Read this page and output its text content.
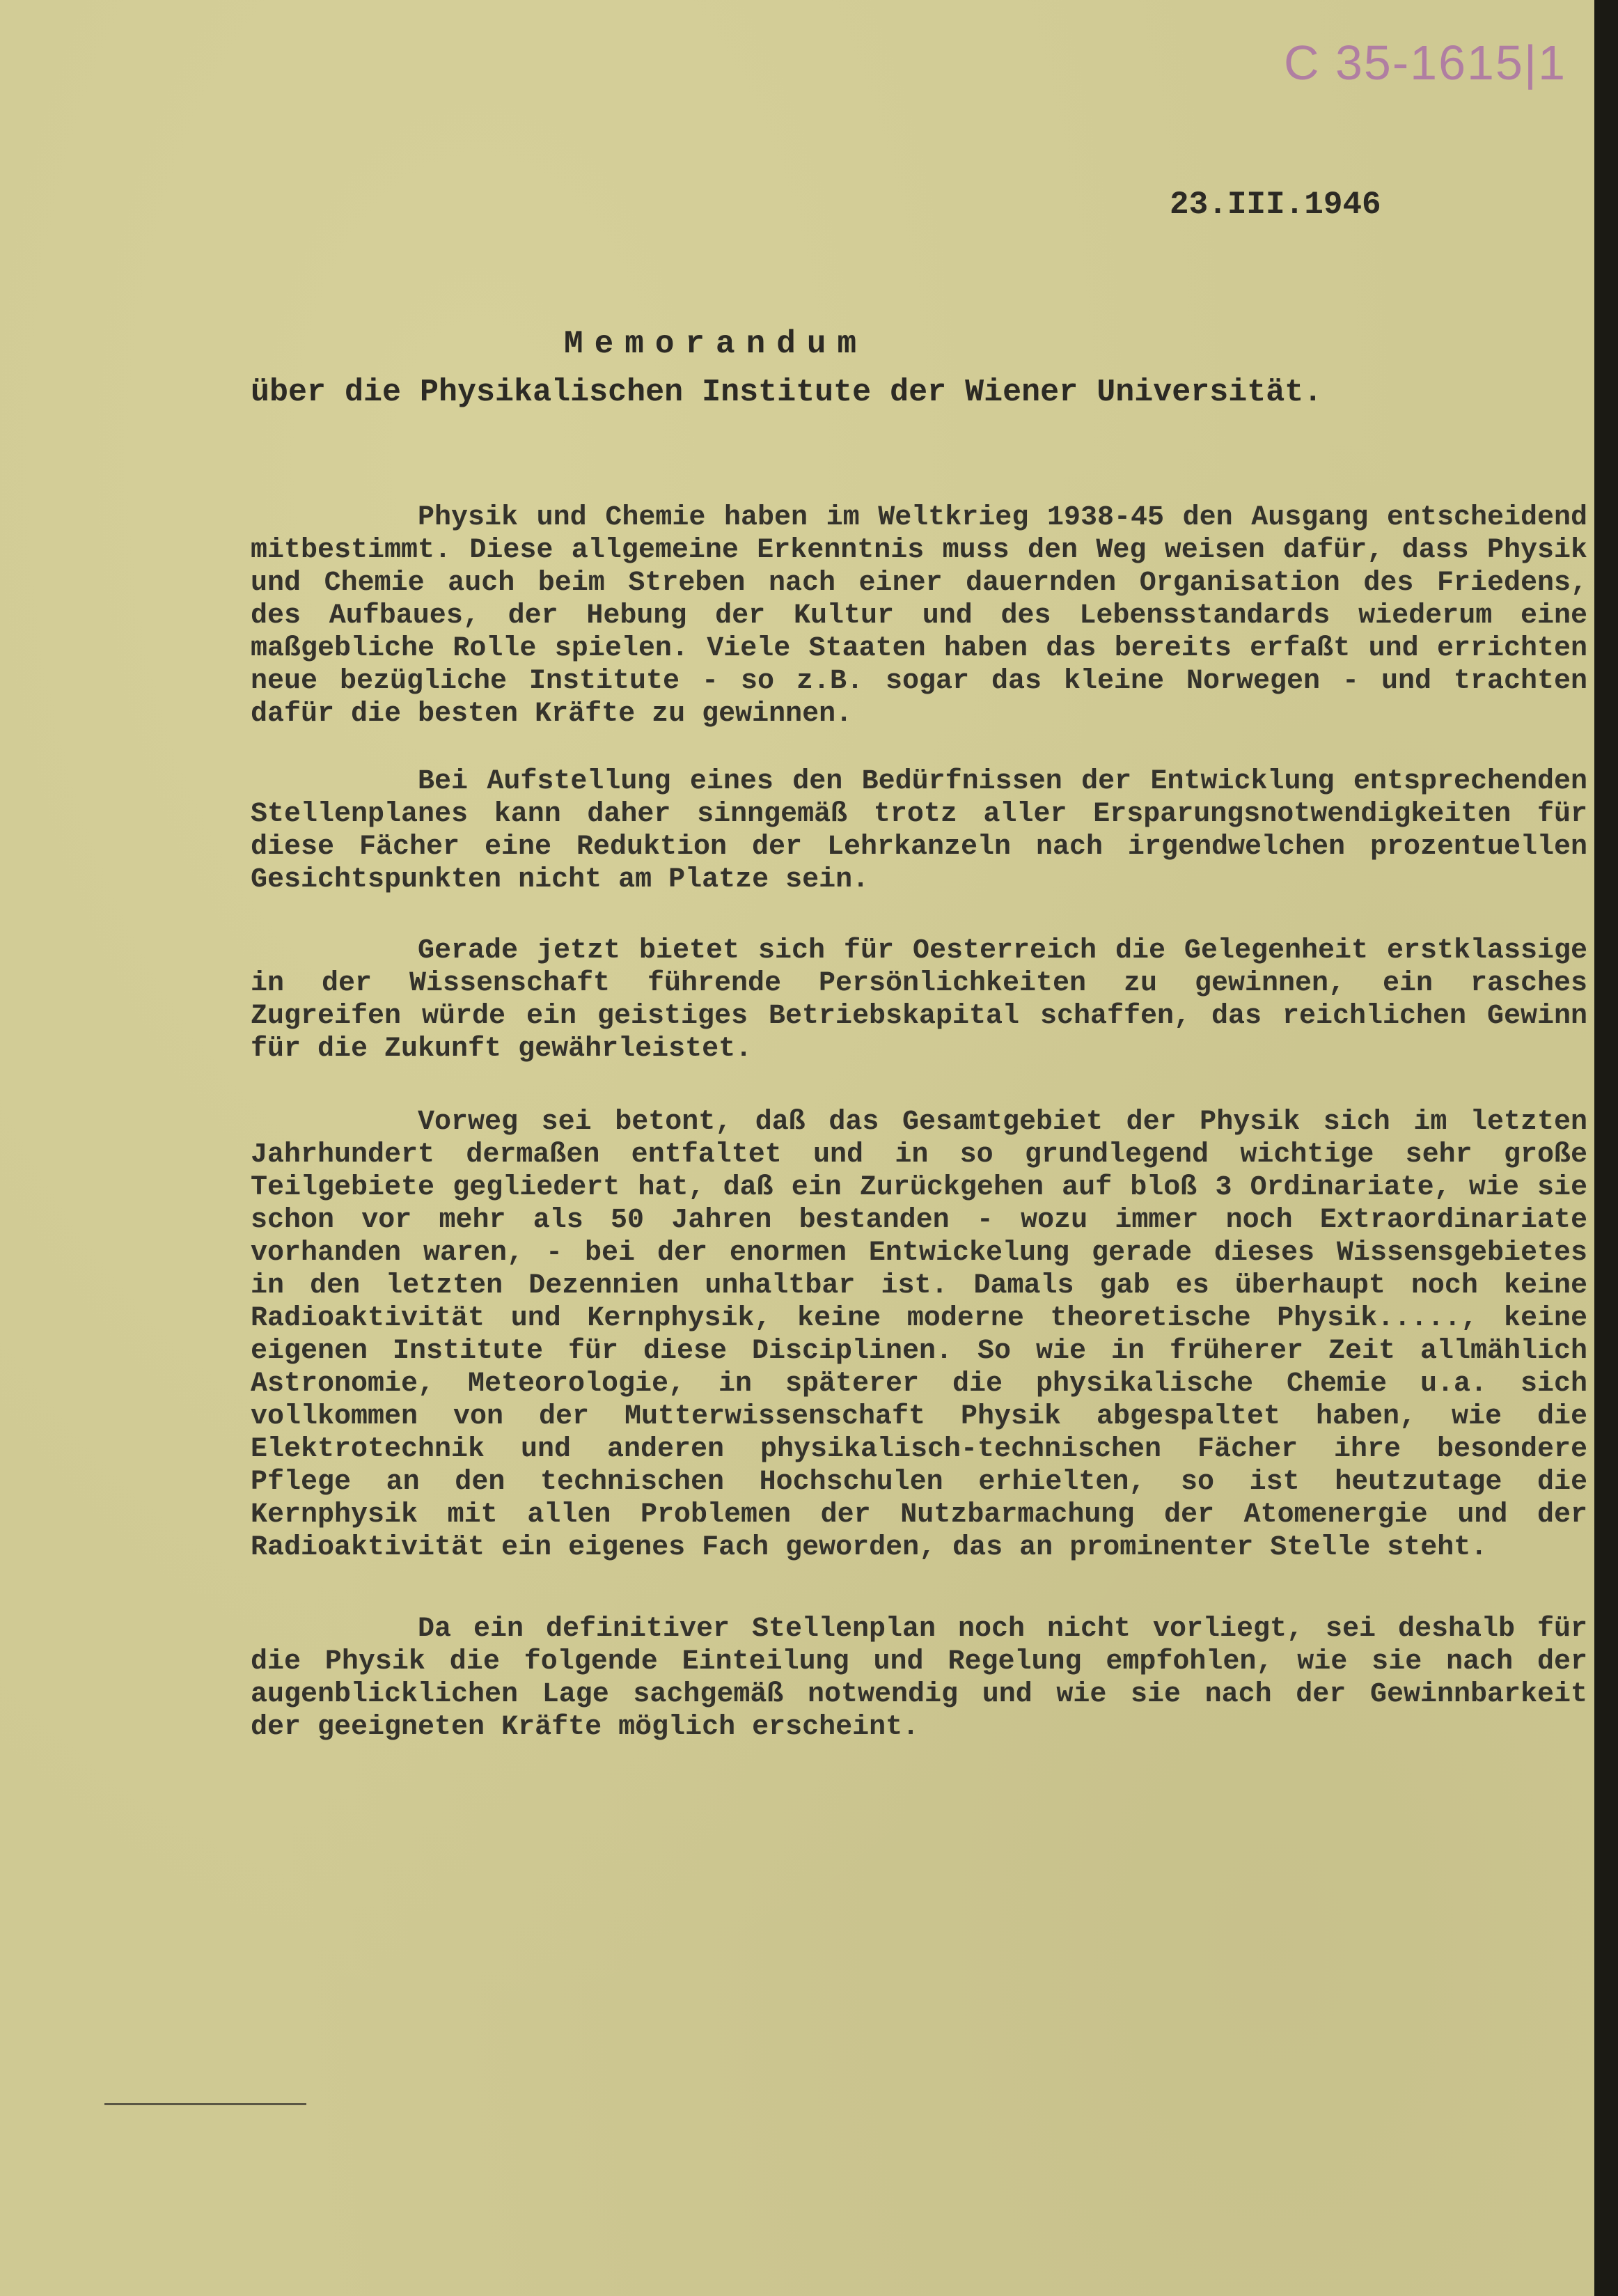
C 35-1615|1
23.III.1946
Memorandum
über die Physikalischen Institute der Wiener Universität.

Physik und Chemie haben im Weltkrieg 1938-45 den Ausgang entscheidend mitbestimmt. Diese allgemeine Erkenntnis muss den Weg weisen dafür, dass Physik und Chemie auch beim Streben nach einer dauernden Organisation des Friedens, des Aufbaues, der Hebung der Kultur und des Lebensstandards wiederum eine maßgebliche Rolle spielen. Viele Staaten haben das bereits erfaßt und errichten neue bezügliche Institute - so z.B. sogar das kleine Norwegen - und trachten dafür die besten Kräfte zu gewinnen.

Bei Aufstellung eines den Bedürfnissen der Entwicklung entsprechenden Stellenplanes kann daher sinngemäß trotz aller Ersparungsnotwendigkeiten für diese Fächer eine Reduktion der Lehrkanzeln nach irgendwelchen prozentuellen Gesichtspunkten nicht am Platze sein.

Gerade jetzt bietet sich für Oesterreich die Gelegenheit erstklassige in der Wissenschaft führende Persönlichkeiten zu gewinnen, ein rasches Zugreifen würde ein geistiges Betriebskapital schaffen, das reichlichen Gewinn für die Zukunft gewährleistet.

Vorweg sei betont, daß das Gesamtgebiet der Physik sich im letzten Jahrhundert dermaßen entfaltet und in so grundlegend wichtige sehr große Teilgebiete gegliedert hat, daß ein Zurückgehen auf bloß 3 Ordinariate, wie sie schon vor mehr als 50 Jahren bestanden - wozu immer noch Extraordinariate vorhanden waren, - bei der enormen Entwickelung gerade dieses Wissensgebietes in den letzten Dezennien unhaltbar ist. Damals gab es überhaupt noch keine Radioaktivität und Kernphysik, keine moderne theoretische Physik....., keine eigenen Institute für diese Disciplinen. So wie in früherer Zeit allmählich Astronomie, Meteorologie, in späterer die physikalische Chemie u.a. sich vollkommen von der Mutterwissenschaft Physik abgespaltet haben, wie die Elektrotechnik und anderen physikalisch-technischen Fächer ihre besondere Pflege an den technischen Hochschulen erhielten, so ist heutzutage die Kernphysik mit allen Problemen der Nutzbarmachung der Atomenergie und der Radioaktivität ein eigenes Fach geworden, das an prominenter Stelle steht.

Da ein definitiver Stellenplan noch nicht vorliegt, sei deshalb für die Physik die folgende Einteilung und Regelung empfohlen, wie sie nach der augenblicklichen Lage sachgemäß notwendig und wie sie nach der Gewinnbarkeit der geeigneten Kräfte möglich erscheint.
